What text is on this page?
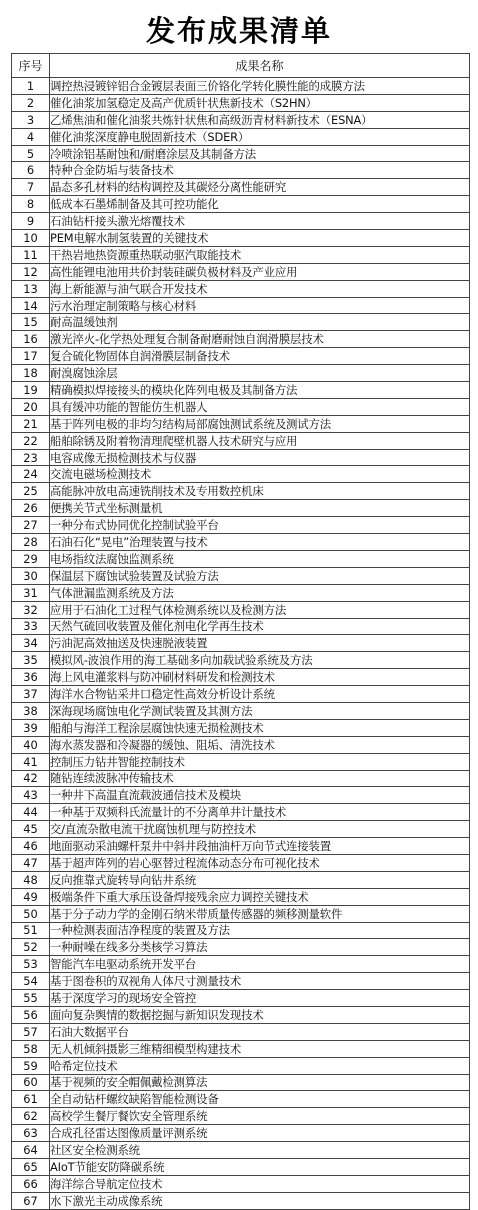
发布成果清单
序号	成果名称
1	调控热浸镀锌铝合金镀层表面三价铬化学转化膜性能的成膜方法
2	催化油浆加氢稳定及高产优质针状焦新技术（S2HN）
3	乙烯焦油和催化油浆共炼针状焦和高级沥青材料新技术（ESNA）
4	催化油浆深度静电脱固新技术（SDER）
5	冷喷涂铝基耐蚀和/耐磨涂层及其制备方法
6	特种合金防垢与装备技术
7	晶态多孔材料的结构调控及其碳烃分离性能研究
8	低成本石墨烯制备及其可控功能化
9	石油钻杆接头激光熔覆技术
10	PEM电解水制氢装置的关键技术
11	干热岩地热资源重热联动驱汽取能技术
12	高性能锂电池用共价封装硅碳负极材料及产业应用
13	海上新能源与油气联合开发技术
14	污水治理定制策略与核心材料
15	耐高温缓蚀剂
16	激光淬火-化学热处理复合制备耐磨耐蚀自润滑膜层技术
17	复合硫化物固体自润滑膜层制备技术
18	耐溴腐蚀涂层
19	精确模拟焊接接头的模块化阵列电极及其制备方法
20	具有缓冲功能的智能仿生机器人
21	基于阵列电极的非均匀结构局部腐蚀测试系统及测试方法
22	船舶除锈及附着物清理爬壁机器人技术研究与应用
23	电容成像无损检测技术与仪器
24	交流电磁场检测技术
25	高能脉冲放电高速铣削技术及专用数控机床
26	便携关节式坐标测量机
27	一种分布式协同优化控制试验平台
28	石油石化“晃电”治理装置与技术
29	电场指纹法腐蚀监测系统
30	保温层下腐蚀试验装置及试验方法
31	气体泄漏监测系统及方法
32	应用于石油化工过程气体检测系统以及检测方法
33	天然气硫回收装置及催化剂电化学再生技术
34	污油泥高效抽送及快速脱液装置
35	模拟风-波浪作用的海工基础多向加载试验系统及方法
36	海上风电灌浆料与防冲刷材料研发和检测技术
37	海洋水合物钻采井口稳定性高效分析设计系统
38	深海现场腐蚀电化学测试装置及其测方法
39	船舶与海洋工程涂层腐蚀快速无损检测技术
40	海水蒸发器和冷凝器的缓蚀、阻垢、清洗技术
41	控制压力钻井智能控制技术
42	随钻连续波脉冲传输技术
43	一种井下高温直流载波通信技术及模块
44	一种基于双频科氏流量计的不分离单井计量技术
45	交/直流杂散电流干扰腐蚀机理与防控技术
46	地面驱动采油螺杆泵井中斜井段抽油杆万向节式连接装置
47	基于超声阵列的岩心驱替过程流体动态分布可视化技术
48	反向推靠式旋转导向钻井系统
49	极端条件下重大承压设备焊接残余应力调控关键技术
50	基于分子动力学的金刚石纳米带质量传感器的频移测量软件
51	一种检测表面洁净程度的装置及方法
52	一种耐噪在线多分类核学习算法
53	智能汽车电驱动系统开发平台
54	基于图卷积的双视角人体尺寸测量技术
55	基于深度学习的现场安全管控
56	面向复杂舆情的数据挖掘与新知识发现技术
57	石油大数据平台
58	无人机倾斜摄影三维精细模型构建技术
59	哈希定位技术
60	基于视频的安全帽佩戴检测算法
61	全自动钻杆螺纹缺陷智能检测设备
62	高校学生餐厅餐饮安全管理系统
63	合成孔径雷达图像质量评测系统
64	社区安全检测系统
65	AIoT节能安防降碳系统
66	海洋综合导航定位技术
67	水下激光主动成像系统
